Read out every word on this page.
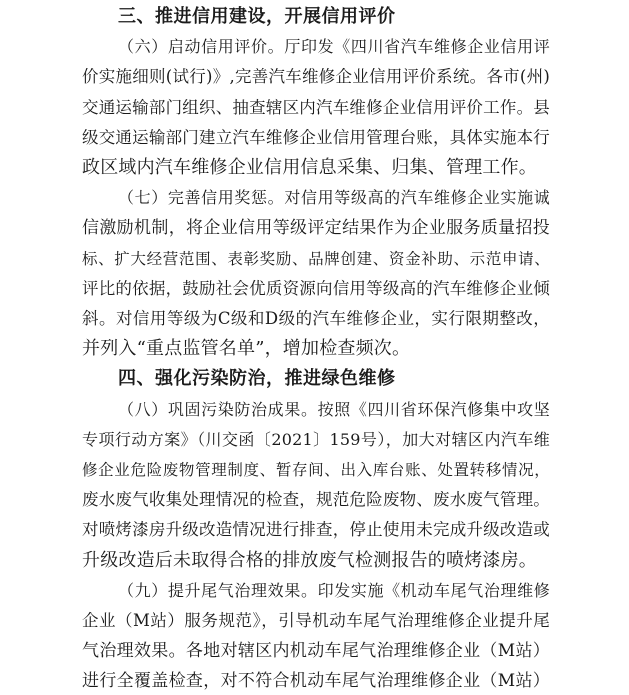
三、推进信用建设，开展信用评价
（六）启动信用评价。厅印发《四川省汽车维修企业信用评
价实施细则(试行)》,完善汽车维修企业信用评价系统。各市(州)
交通运输部门组织、抽查辖区内汽车维修企业信用评价工作。县
级交通运输部门建立汽车维修企业信用管理台账，具体实施本行
政区域内汽车维修企业信用信息采集、归集、管理工作。
（七）完善信用奖惩。对信用等级高的汽车维修企业实施诚
信激励机制，将企业信用等级评定结果作为企业服务质量招投
标、扩大经营范围、表彰奖励、品牌创建、资金补助、示范申请、
评比的依据，鼓励社会优质资源向信用等级高的汽车维修企业倾
斜。对信用等级为C级和D级的汽车维修企业，实行限期整改，
并列入“重点监管名单”，增加检查频次。
四、强化污染防治，推进绿色维修
（八）巩固污染防治成果。按照《四川省环保汽修集中攻坚
专项行动方案》（川交函〔2021〕159号），加大对辖区内汽车维
修企业危险废物管理制度、暂存间、出入库台账、处置转移情况，
废水废气收集处理情况的检查，规范危险废物、废水废气管理。
对喷烤漆房升级改造情况进行排查，停止使用未完成升级改造或
升级改造后未取得合格的排放废气检测报告的喷烤漆房。
（九）提升尾气治理效果。印发实施《机动车尾气治理维修
企业（M站）服务规范》，引导机动车尾气治理维修企业提升尾
气治理效果。各地对辖区内机动车尾气治理维修企业（M站）
进行全覆盖检查，对不符合机动车尾气治理维修企业（M站）
